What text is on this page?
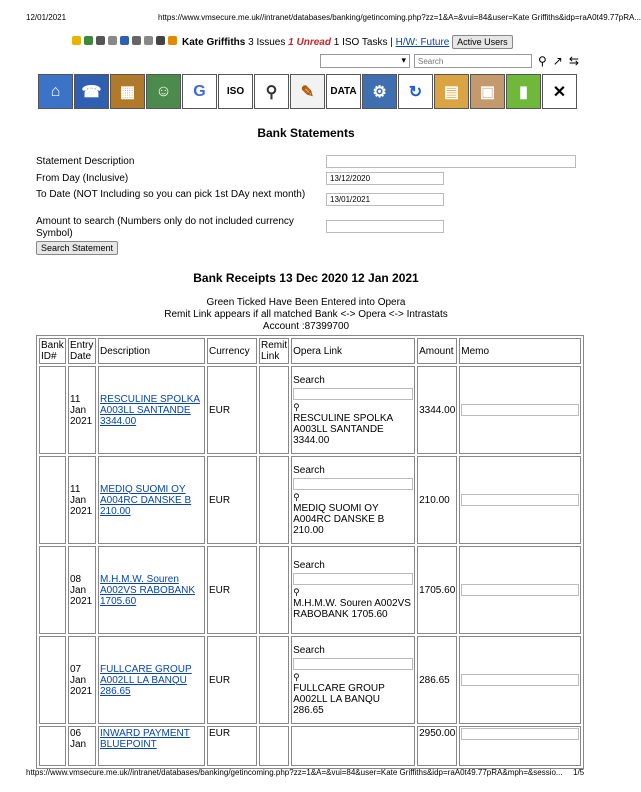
12/01/2021	https://www.vmsecure.me.uk//intranet/databases/banking/getincoming.php?zz=1&A=&vui=84&user=Kate Griffiths&idp=raA0t49.77pRA...
Kate Griffiths
3 Issues
1 Unread
1 ISO Tasks |
H/W: Future
Active Users
▾
Search
⚲ ↗ ⇆
⌂	☎	▦	☺	G	ISO	⚲	✎	DATA ⚙	↻	▤	▣	▮	✕
Bank Statements
Statement Description
From Day (Inclusive)
13/12/2020
To Date (NOT Including so you can pick 1st DAy next month)
13/01/2021
Amount to search (Numbers only do not included currency Symbol)
Search Statement
Bank Receipts 13 Dec 2020 12 Jan 2021
Green Ticked Have Been Entered into Opera
Remit Link appears if all matched Bank <-> Opera <-> Intrastats
Account :87399700
Bank ID#	Entry Date	Description	Currency	Remit Link	Opera Link	Amount	Memo
	11 Jan 2021	RESCULINE SPOLKA A003LL SANTANDE 3344.00	EUR		Search
⚲
RESCULINE SPOLKA A003LL SANTANDE 3344.00	3344.00	

	11 Jan 2021	MEDIQ SUOMI OY A004RC DANSKE B 210.00	EUR		Search
⚲
MEDIQ SUOMI OY A004RC DANSKE B 210.00	210.00	

	08 Jan 2021	M.H.M.W. Souren A002VS RABOBANK 1705.60	EUR		Search
⚲
M.H.M.W. Souren A002VS RABOBANK 1705.60	1705.60	

	07 Jan 2021	FULLCARE GROUP A002LL LA BANQU 286.65	EUR		Search
⚲
FULLCARE GROUP A002LL LA BANQU 286.65	286.65	

	06 Jan	INWARD PAYMENT BLUEPOINT	EUR			2950.00	
https://www.vmsecure.me.uk//intranet/databases/banking/getincoming.php?zz=1&A=&vui=84&user=Kate Griffiths&idp=raA0t49.77pRA&mph=&sessio... 1/5
